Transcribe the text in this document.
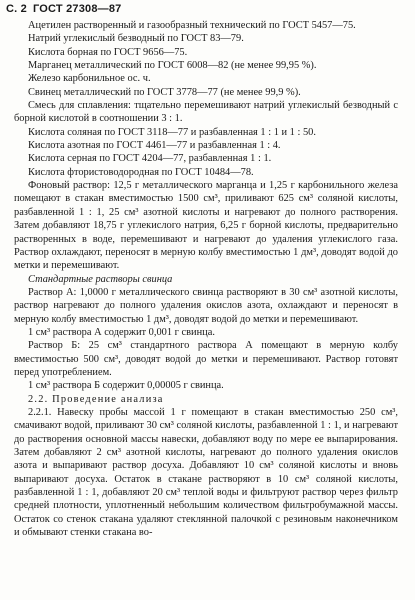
С. 2 ГОСТ 27308—87

Ацетилен растворенный и газообразный технический по ГОСТ 5457—75.

Натрий углекислый безводный по ГОСТ 83—79.

Кислота борная по ГОСТ 9656—75.

Марганец металлический по ГОСТ 6008—82 (не менее 99,95 %).

Железо карбонильное ос. ч.

Свинец металлический по ГОСТ 3778—77 (не менее 99,9 %).

Смесь для сплавления: тщательно перемешивают натрий углекислый безводный с борной кислотой в соотношении 3 : 1.

Кислота соляная по ГОСТ 3118—77 и разбавленная 1 : 1 и 1 : 50.

Кислота азотная по ГОСТ 4461—77 и разбавленная 1 : 4.

Кислота серная по ГОСТ 4204—77, разбавленная 1 : 1.

Кислота фтористоводородная по ГОСТ 10484—78.

Фоновый раствор: 12,5 г металлического марганца и 1,25 г карбонильного железа помещают в стакан вместимостью 1500 см³, приливают 625 см³ соляной кислоты, разбавленной 1 : 1, 25 см³ азотной кислоты и нагревают до полного растворения. Затем добавляют 18,75 г углекислого натрия, 6,25 г борной кислоты, предварительно растворенных в воде, перемешивают и нагревают до удаления углекислого газа. Раствор охлаждают, переносят в мерную колбу вместимостью 1 дм³, доводят водой до метки и перемешивают.

Стандартные растворы свинца

Раствор А: 1,0000 г металлического свинца растворяют в 30 см³ азотной кислоты, раствор нагревают до полного удаления окислов азота, охлаждают и переносят в мерную колбу вместимостью 1 дм³, доводят водой до метки и перемешивают.

1 см³ раствора А содержит 0,001 г свинца.

Раствор Б: 25 см³ стандартного раствора А помещают в мерную колбу вместимостью 500 см³, доводят водой до метки и перемешивают. Раствор готовят перед употреблением.

1 см³ раствора Б содержит 0,00005 г свинца.

2.2. Проведение анализа

2.2.1. Навеску пробы массой 1 г помещают в стакан вместимостью 250 см³, смачивают водой, приливают 30 см³ соляной кислоты, разбавленной 1 : 1, и нагревают до растворения основной массы навески, добавляют воду по мере ее выпарирования. Затем добавляют 2 см³ азотной кислоты, нагревают до полного удаления окислов азота и выпаривают раствор досуха. Добавляют 10 см³ соляной кислоты и вновь выпаривают досуха. Остаток в стакане растворяют в 10 см³ соляной кислоты, разбавленной 1 : 1, добавляют 20 см³ теплой воды и фильтруют раствор через фильтр средней плотности, уплотненный небольшим количеством фильтробумажной массы. Остаток со стенок стакана удаляют стеклянной палочкой с резиновым наконечником и обмывают стенки стакана во-
